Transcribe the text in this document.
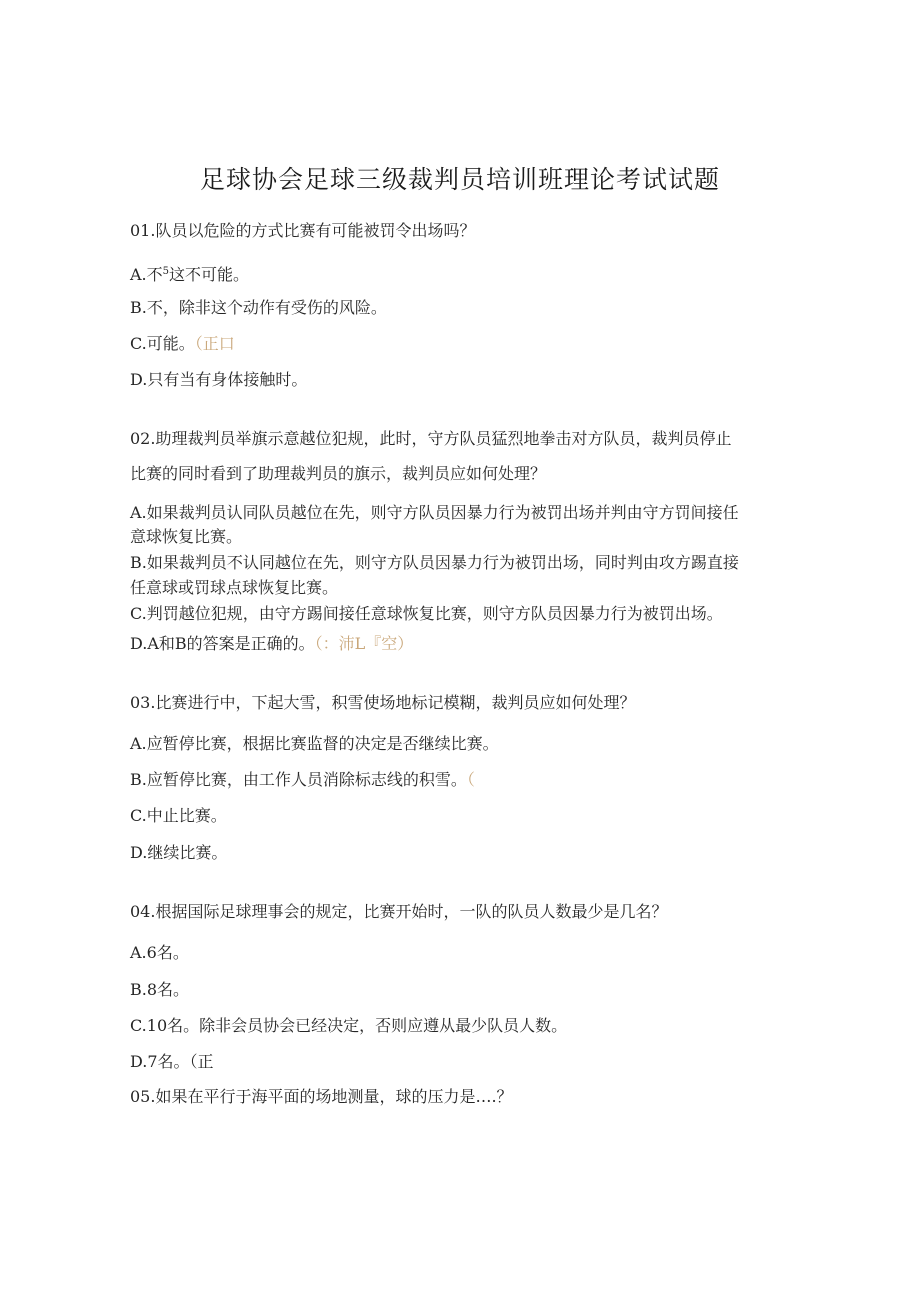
足球协会足球三级裁判员培训班理论考试试题
01.队员以危险的方式比赛有可能被罚令出场吗？
A.不$^5$这不可能。
B.不，除非这个动作有受伤的风险。
C.可能。（正口
D.只有当有身体接触时。
02.助理裁判员举旗示意越位犯规，此时，守方队员猛烈地拳击对方队员，裁判员停止
比赛的同时看到了助理裁判员的旗示，裁判员应如何处理？
A.如果裁判员认同队员越位在先，则守方队员因暴力行为被罚出场并判由守方罚间接任
意球恢复比赛。
B.如果裁判员不认同越位在先，则守方队员因暴力行为被罚出场，同时判由攻方踢直接
任意球或罚球点球恢复比赛。
C.判罚越位犯规，由守方踢间接任意球恢复比赛，则守方队员因暴力行为被罚出场。
D.A和B的答案是正确的。（：沛L『空）
03.比赛进行中，下起大雪，积雪使场地标记模糊，裁判员应如何处理？
A.应暂停比赛，根据比赛监督的决定是否继续比赛。
B.应暂停比赛，由工作人员消除标志线的积雪。（
C.中止比赛。
D.继续比赛。
04.根据国际足球理事会的规定，比赛开始时，一队的队员人数最少是几名？
A.6名。
B.8名。
C.10名。除非会员协会已经决定，否则应遵从最少队员人数。
D.7名。（正
05.如果在平行于海平面的场地测量，球的压力是….？
